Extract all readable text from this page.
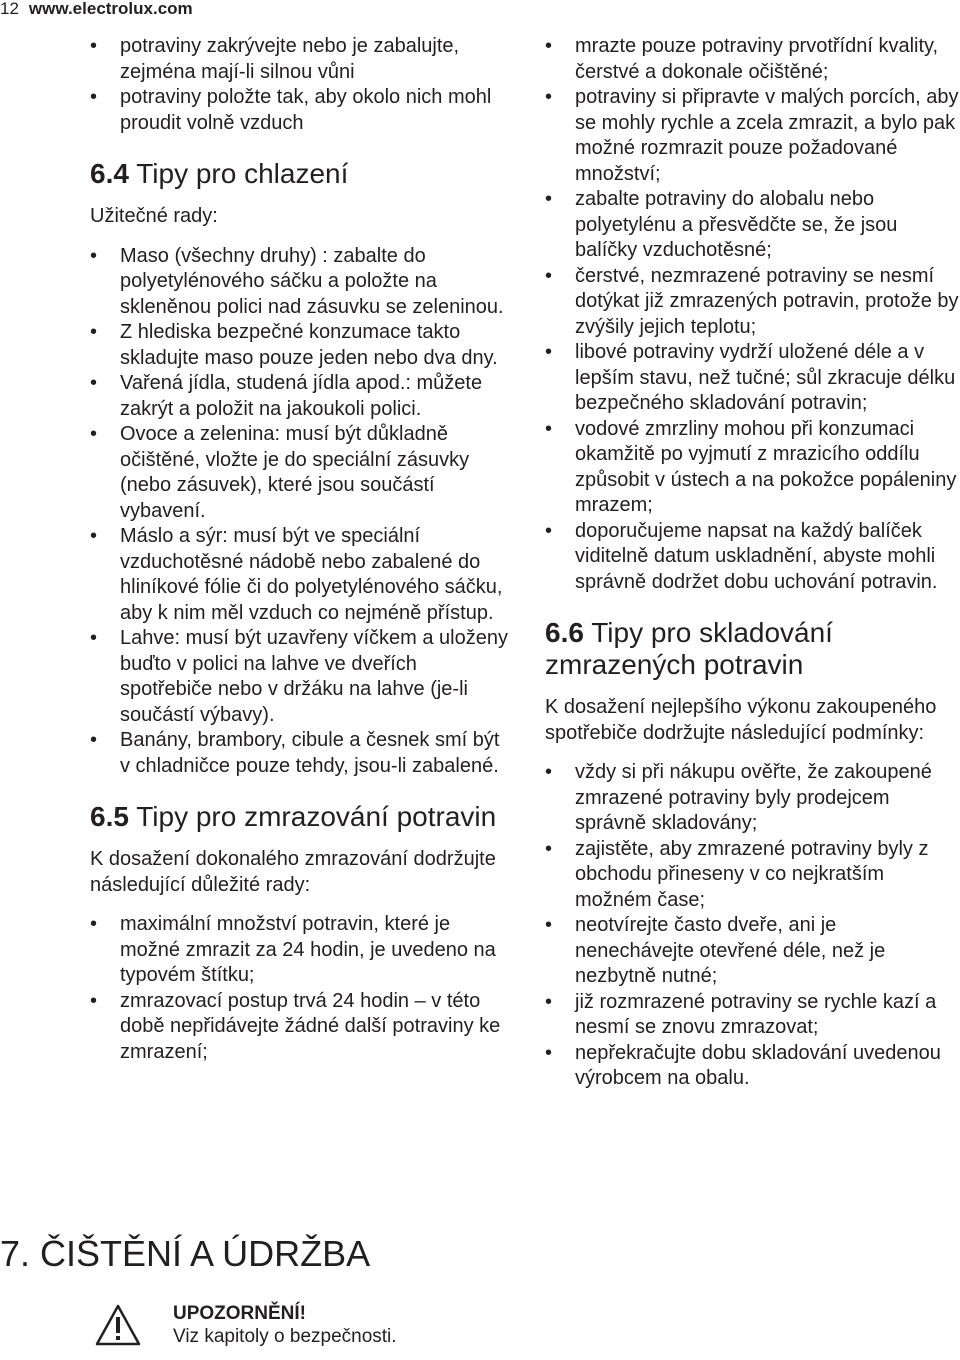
12 www.electrolux.com
• potraviny zakrývejte nebo je zabalujte, zejména mají-li silnou vůni
• potraviny položte tak, aby okolo nich mohl proudit volně vzduch
6.4 Tipy pro chlazení

Užitečné rady:

• Maso (všechny druhy) : zabalte do polyetylénového sáčku a položte na skleněnou polici nad zásuvku se zeleninou.
• Z hlediska bezpečné konzumace takto skladujte maso pouze jeden nebo dva dny.
• Vařená jídla, studená jídla apod.: můžete zakrýt a položit na jakoukoli polici.
• Ovoce a zelenina: musí být důkladně očištěné, vložte je do speciální zásuvky (nebo zásuvek), které jsou součástí vybavení.
• Máslo a sýr: musí být ve speciální vzduchotěsné nádobě nebo zabalené do hliníkové fólie či do polyetylénového sáčku, aby k nim měl vzduch co nejméně přístup.
• Lahve: musí být uzavřeny víčkem a uloženy buďto v polici na lahve ve dveřích spotřebiče nebo v držáku na lahve (je-li součástí výbavy).
• Banány, brambory, cibule a česnek smí být v chladničce pouze tehdy, jsou-li zabalené.
6.5 Tipy pro zmrazování potravin

K dosažení dokonalého zmrazování dodržujte následující důležité rady:

• maximální množství potravin, které je možné zmrazit za 24 hodin, je uvedeno na typovém štítku;
• zmrazovací postup trvá 24 hodin – v této době nepřidávejte žádné další potraviny ke zmrazení;
• mrazte pouze potraviny prvotřídní kvality, čerstvé a dokonale očištěné;
• potraviny si připravte v malých porcích, aby se mohly rychle a zcela zmrazit, a bylo pak možné rozmrazit pouze požadované množství;
• zabalte potraviny do alobalu nebo polyetylénu a přesvědčte se, že jsou balíčky vzduchotěsné;
• čerstvé, nezmrazené potraviny se nesmí dotýkat již zmrazených potravin, protože by zvýšily jejich teplotu;
• libové potraviny vydrží uložené déle a v lepším stavu, než tučné; sůl zkracuje délku bezpečného skladování potravin;
• vodové zmrzliny mohou při konzumaci okamžitě po vyjmutí z mrazicího oddílu způsobit v ústech a na pokožce popáleniny mrazem;
• doporučujeme napsat na každý balíček viditelně datum uskladnění, abyste mohli správně dodržet dobu uchování potravin.
6.6 Tipy pro skladování zmrazených potravin

K dosažení nejlepšího výkonu zakoupeného spotřebiče dodržujte následující podmínky:

• vždy si při nákupu ověřte, že zakoupené zmrazené potraviny byly prodejcem správně skladovány;
• zajistěte, aby zmrazené potraviny byly z obchodu přineseny v co nejkratším možném čase;
• neotvírejte často dveře, ani je nenechávejte otevřené déle, než je nezbytně nutné;
• již rozmrazené potraviny se rychle kazí a nesmí se znovu zmrazovat;
• nepřekračujte dobu skladování uvedenou výrobcem na obalu.
7. ČIŠTĚNÍ A ÚDRŽBA
UPOZORNĚNÍ!
Viz kapitoly o bezpečnosti.
